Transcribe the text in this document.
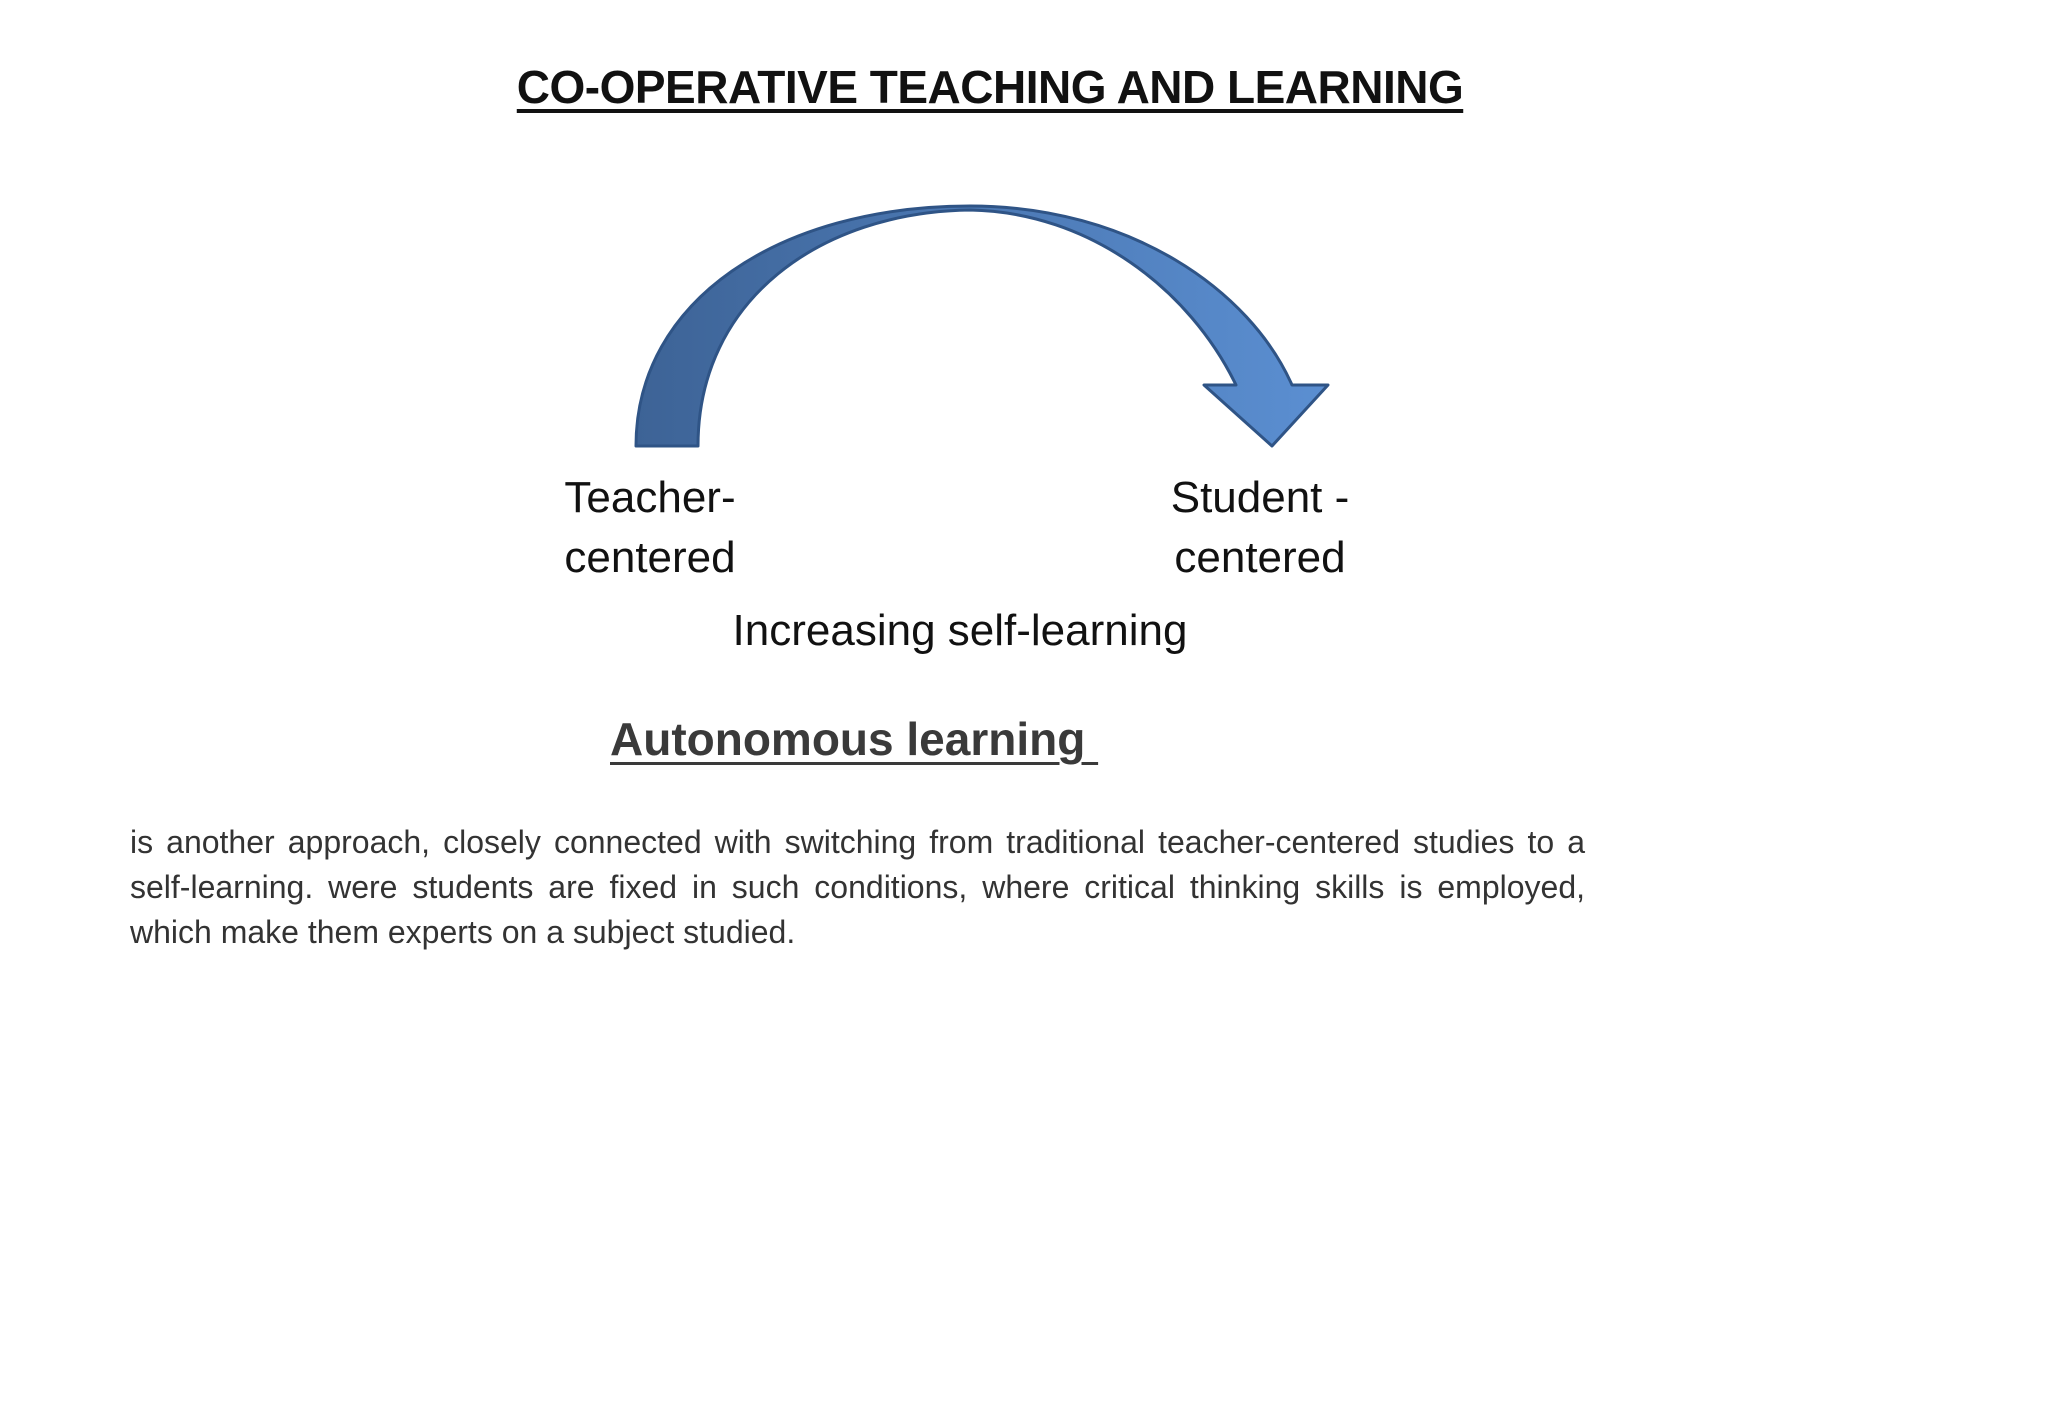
CO-OPERATIVE TEACHING AND LEARNING

Teacher-
centered

Student -
centered

Increasing self-learning

Autonomous learning

is another approach, closely connected with switching from traditional teacher-centered studies to a self-learning. were students are fixed in such conditions, where critical thinking skills is employed, which make them experts on a subject studied.
